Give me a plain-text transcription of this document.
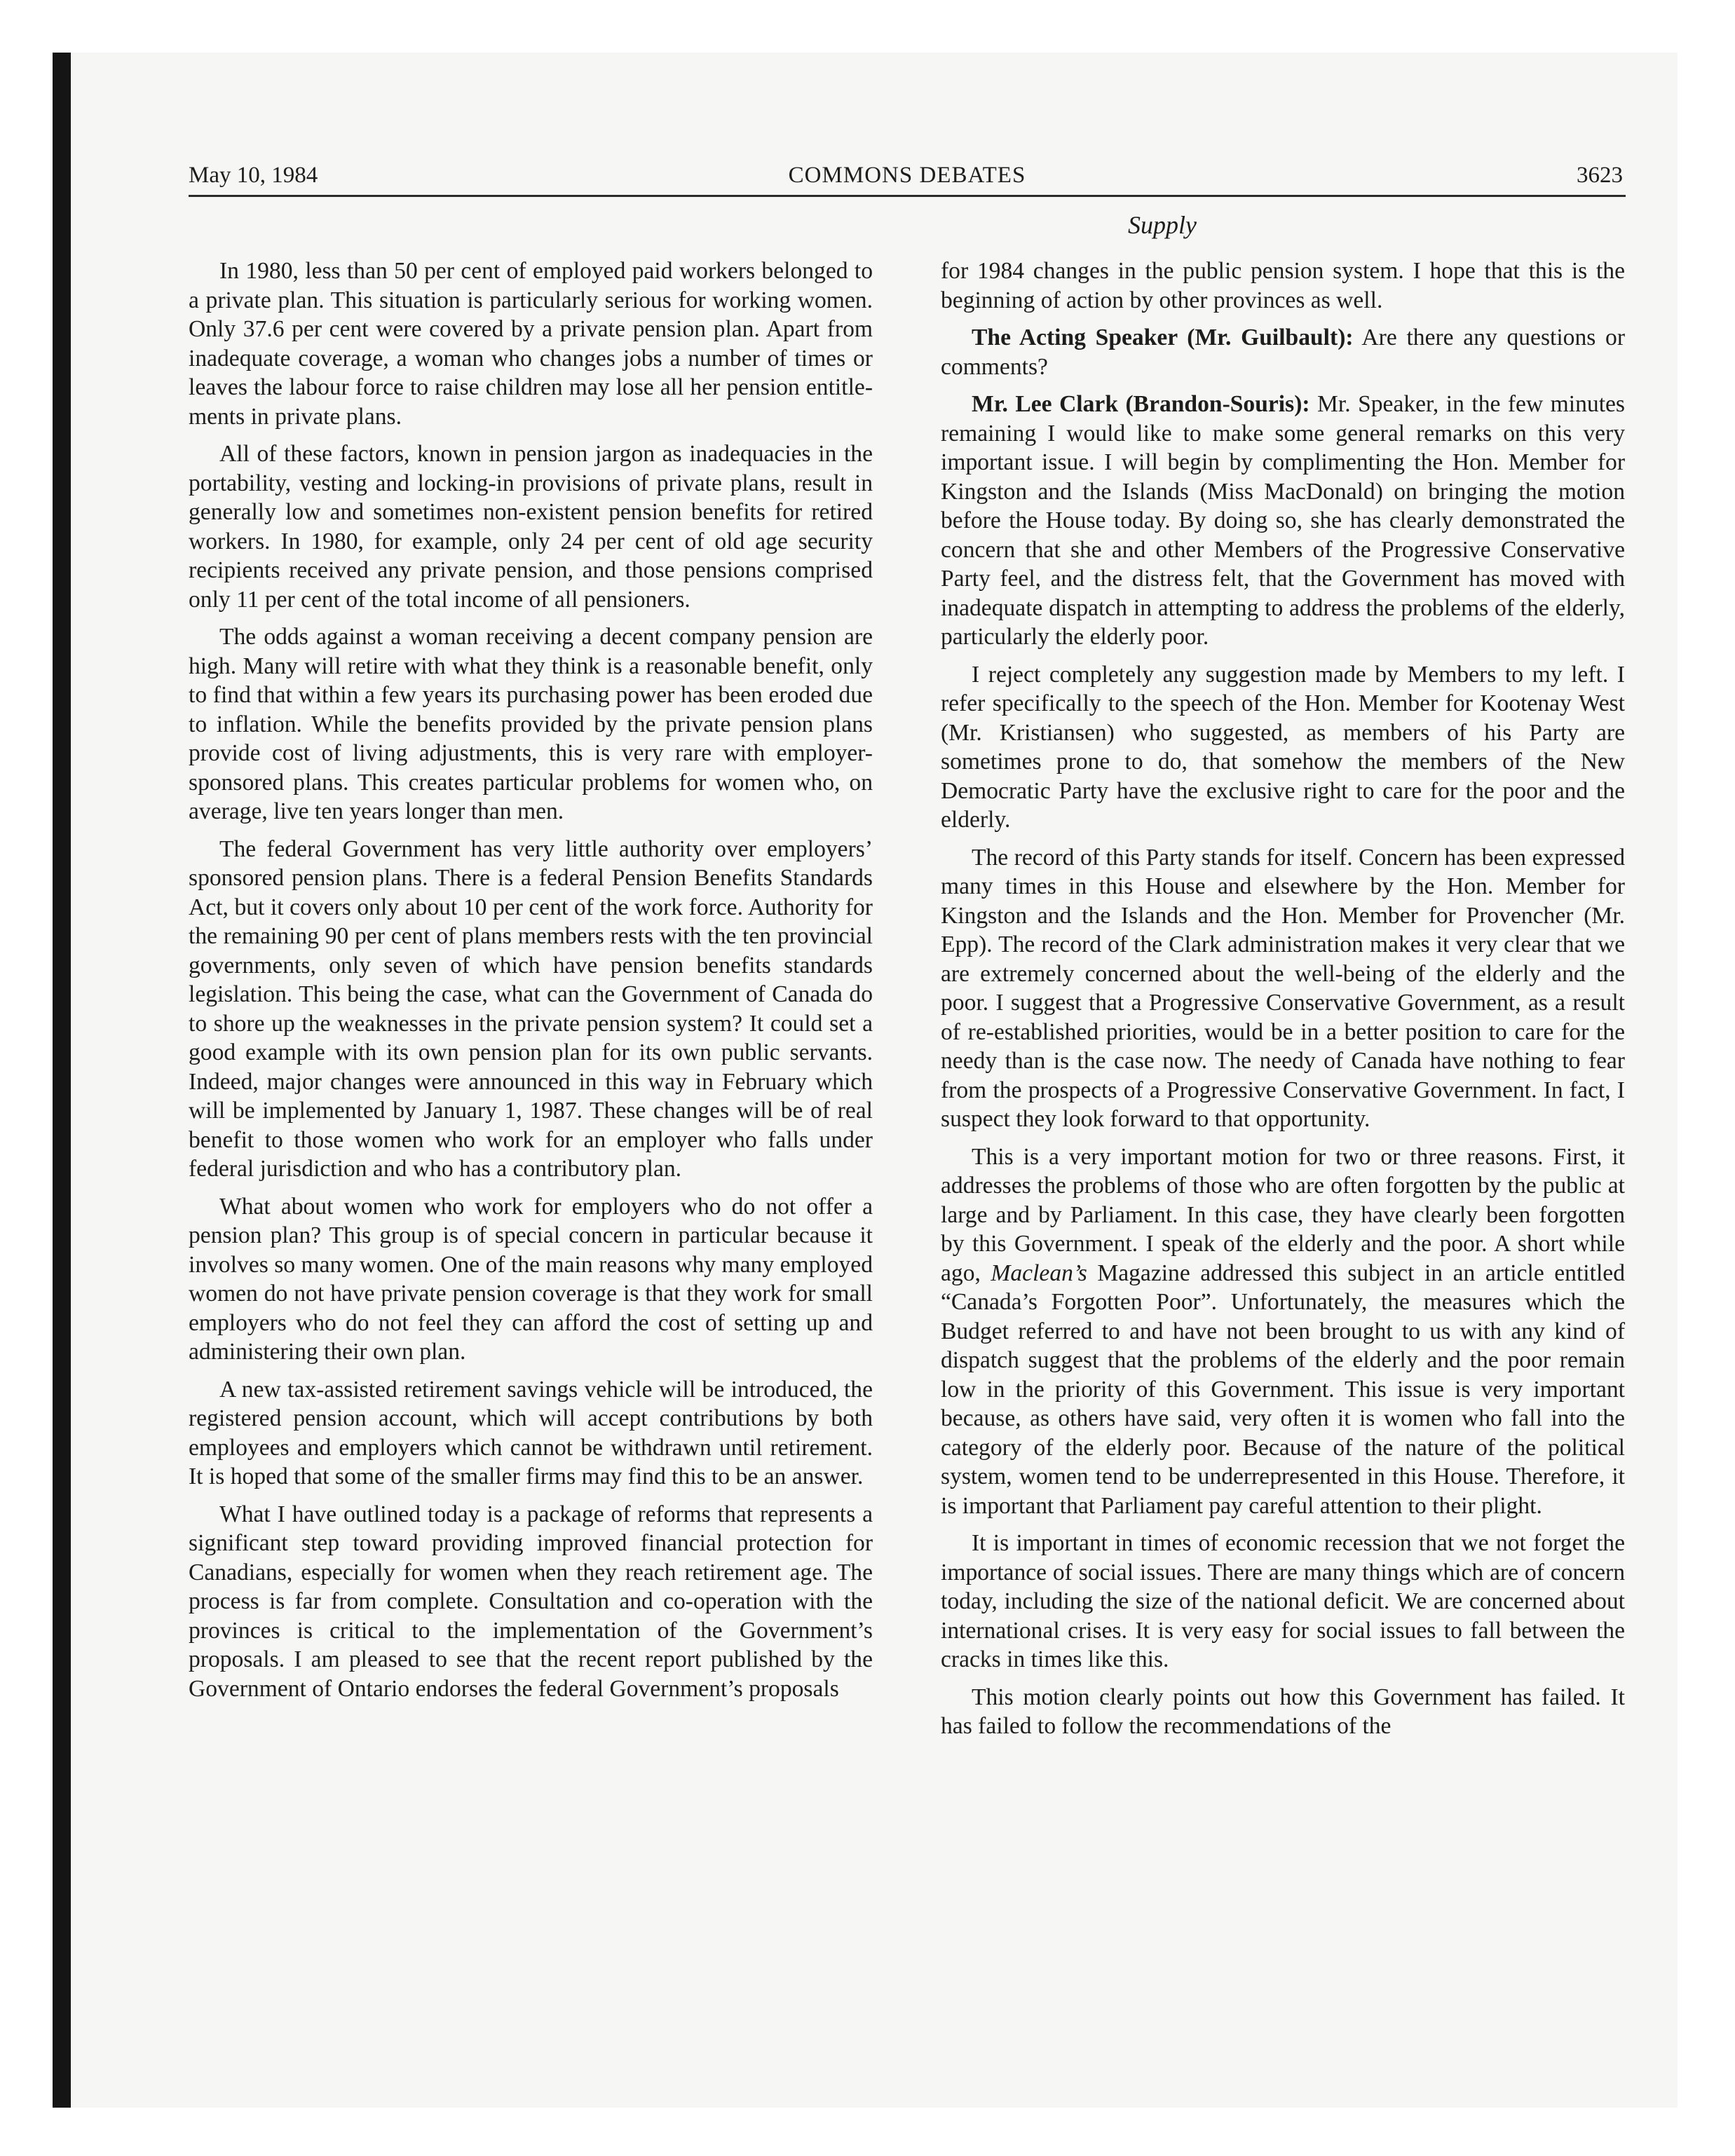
COMMONS DEBATES
May 10, 1984	3623
Supply

In 1980, less than 50 per cent of employed paid workers belonged to a private plan. This situation is particularly serious for working women. Only 37.6 per cent were covered by a private pension plan. Apart from inadequate coverage, a woman who changes jobs a number of times or leaves the labour force to raise children may lose all her pension entitlements in private plans.

All of these factors, known in pension jargon as inadequacies in the portability, vesting and locking-in provisions of private plans, result in generally low and sometimes non-existent pension benefits for retired workers. In 1980, for example, only 24 per cent of old age security recipients received any private pension, and those pensions comprised only 11 per cent of the total income of all pensioners.

The odds against a woman receiving a decent company pension are high. Many will retire with what they think is a reasonable benefit, only to find that within a few years its purchasing power has been eroded due to inflation. While the benefits provided by the private pension plans provide cost of living adjustments, this is very rare with employer-sponsored plans. This creates particular problems for women who, on average, live ten years longer than men.

The federal Government has very little authority over employers’ sponsored pension plans. There is a federal Pension Benefits Standards Act, but it covers only about 10 per cent of the work force. Authority for the remaining 90 per cent of plans members rests with the ten provincial governments, only seven of which have pension benefits standards legislation. This being the case, what can the Government of Canada do to shore up the weaknesses in the private pension system? It could set a good example with its own pension plan for its own public servants. Indeed, major changes were announced in this way in February which will be implemented by January 1, 1987. These changes will be of real benefit to those women who work for an employer who falls under federal jurisdiction and who has a contributory plan.

What about women who work for employers who do not offer a pension plan? This group is of special concern in particular because it involves so many women. One of the main reasons why many employed women do not have private pension coverage is that they work for small employers who do not feel they can afford the cost of setting up and administering their own plan.

A new tax-assisted retirement savings vehicle will be introduced, the registered pension account, which will accept contributions by both employees and employers which cannot be withdrawn until retirement. It is hoped that some of the smaller firms may find this to be an answer.

What I have outlined today is a package of reforms that represents a significant step toward providing improved financial protection for Canadians, especially for women when they reach retirement age. The process is far from complete. Consultation and co-operation with the provinces is critical to the implementation of the Government’s proposals. I am pleased to see that the recent report published by the Government of Ontario endorses the federal Government’s proposals

for 1984 changes in the public pension system. I hope that this is the beginning of action by other provinces as well.

The Acting Speaker (Mr. Guilbault): Are there any questions or comments?

Mr. Lee Clark (Brandon-Souris): Mr. Speaker, in the few minutes remaining I would like to make some general remarks on this very important issue. I will begin by complimenting the Hon. Member for Kingston and the Islands (Miss MacDonald) on bringing the motion before the House today. By doing so, she has clearly demonstrated the concern that she and other Members of the Progressive Conservative Party feel, and the distress felt, that the Government has moved with inadequate dispatch in attempting to address the problems of the elderly, particularly the elderly poor.

I reject completely any suggestion made by Members to my left. I refer specifically to the speech of the Hon. Member for Kootenay West (Mr. Kristiansen) who suggested, as members of his Party are sometimes prone to do, that somehow the members of the New Democratic Party have the exclusive right to care for the poor and the elderly.

The record of this Party stands for itself. Concern has been expressed many times in this House and elsewhere by the Hon. Member for Kingston and the Islands and the Hon. Member for Provencher (Mr. Epp). The record of the Clark administration makes it very clear that we are extremely concerned about the well-being of the elderly and the poor. I suggest that a Progressive Conservative Government, as a result of re-established priorities, would be in a better position to care for the needy than is the case now. The needy of Canada have nothing to fear from the prospects of a Progressive Conservative Government. In fact, I suspect they look forward to that opportunity.

This is a very important motion for two or three reasons. First, it addresses the problems of those who are often forgotten by the public at large and by Parliament. In this case, they have clearly been forgotten by this Government. I speak of the elderly and the poor. A short while ago, Maclean’s Magazine addressed this subject in an article entitled “Canada’s Forgotten Poor”. Unfortunately, the measures which the Budget referred to and have not been brought to us with any kind of dispatch suggest that the problems of the elderly and the poor remain low in the priority of this Government. This issue is very important because, as others have said, very often it is women who fall into the category of the elderly poor. Because of the nature of the political system, women tend to be underrepresented in this House. Therefore, it is important that Parliament pay careful attention to their plight.

It is important in times of economic recession that we not forget the importance of social issues. There are many things which are of concern today, including the size of the national deficit. We are concerned about international crises. It is very easy for social issues to fall between the cracks in times like this.

This motion clearly points out how this Government has failed. It has failed to follow the recommendations of the
